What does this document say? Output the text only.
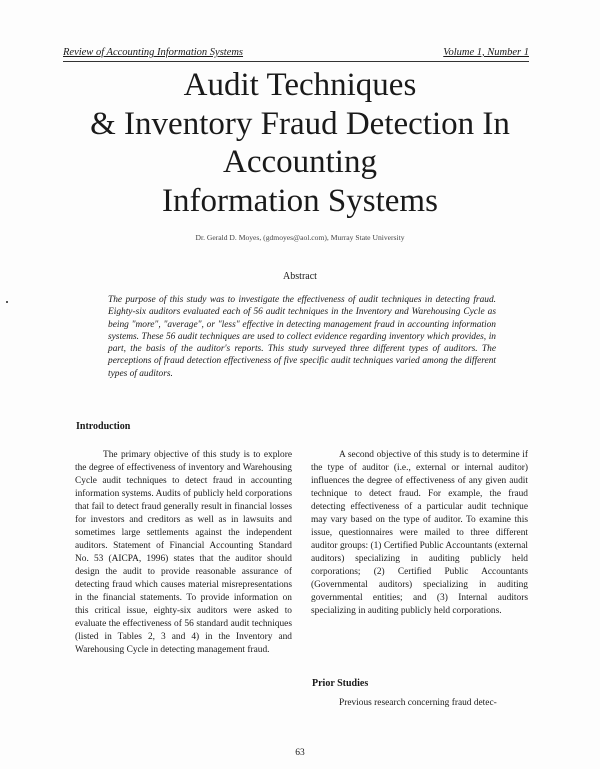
Review of Accounting Information Systems	Volume 1, Number 1
Audit Techniques
& Inventory Fraud Detection In
Accounting
Information Systems
Dr. Gerald D. Moyes, (gdmoyes@aol.com), Murray State University
Abstract

The purpose of this study was to investigate the effectiveness of audit techniques in detecting fraud. Eighty-six auditors evaluated each of 56 audit techniques in the Inventory and Warehousing Cycle as being "more", "average", or "less" effective in detecting management fraud in accounting information systems. These 56 audit techniques are used to collect evidence regarding inventory which provides, in part, the basis of the auditor's reports. This study surveyed three different types of auditors. The perceptions of fraud detection effectiveness of five specific audit techniques varied among the different types of auditors.

Introduction

The primary objective of this study is to explore the degree of effectiveness of inventory and Warehousing Cycle audit techniques to detect fraud in accounting information systems. Audits of publicly held corporations that fail to detect fraud generally result in financial losses for investors and creditors as well as in lawsuits and sometimes large settlements against the independent auditors. Statement of Financial Accounting Standard No. 53 (AICPA, 1996) states that the auditor should design the audit to provide reasonable assurance of detecting fraud which causes material misrepresentations in the financial statements. To provide information on this critical issue, eighty-six auditors were asked to evaluate the effectiveness of 56 standard audit techniques (listed in Tables 2, 3 and 4) in the Inventory and Warehousing Cycle in detecting management fraud.

A second objective of this study is to determine if the type of auditor (i.e., external or internal auditor) influences the degree of effectiveness of any given audit technique to detect fraud. For example, the fraud detecting effectiveness of a particular audit technique may vary based on the type of auditor. To examine this issue, questionnaires were mailed to three different auditor groups: (1) Certified Public Accountants (external auditors) specializing in auditing publicly held corporations; (2) Certified Public Accountants (Governmental auditors) specializing in auditing governmental entities; and (3) Internal auditors specializing in auditing publicly held corporations.

Prior Studies

Previous research concerning fraud detec-

63
